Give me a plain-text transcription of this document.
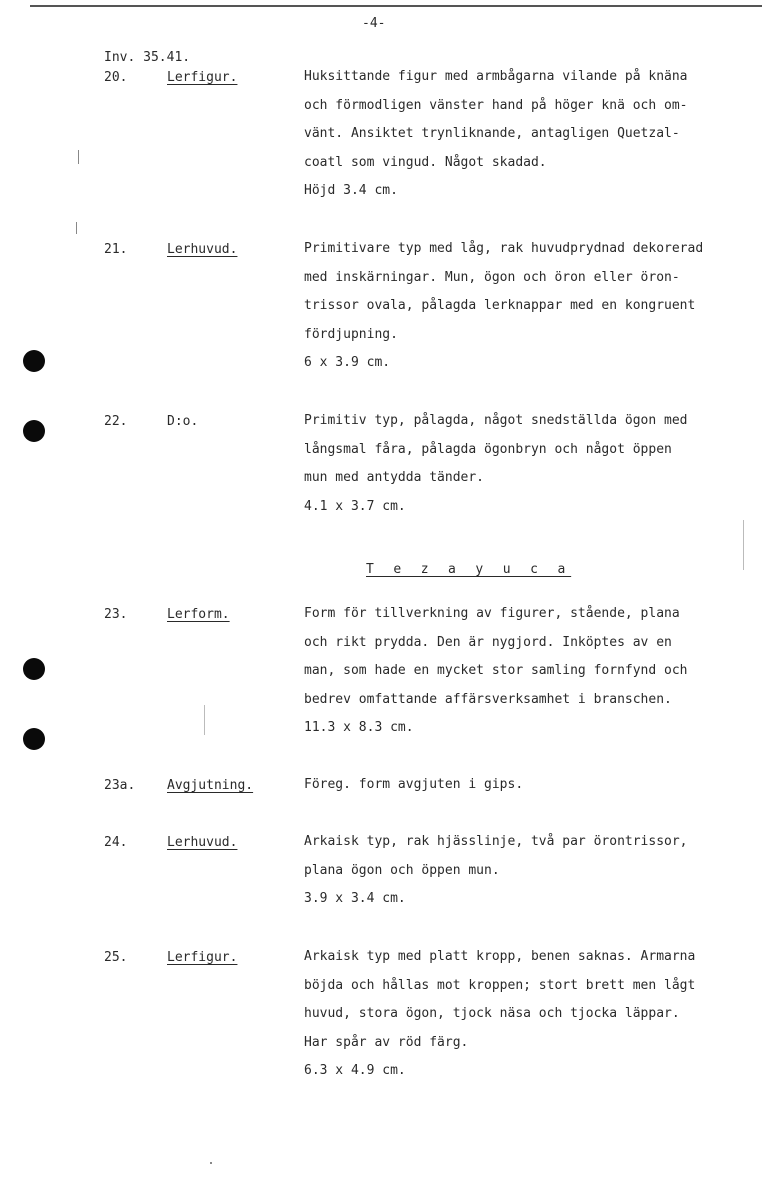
-4-
Inv. 35.41.
20.	Lerfigur.	Huksittande figur med armbågarna vilande på knäna
och förmodligen vänster hand på höger knä och om-
vänt. Ansiktet trynliknande, antagligen Quetzal-
coatl som vingud. Något skadad.
Höjd 3.4 cm.
21.	Lerhuvud.	Primitivare typ med låg, rak huvudprydnad dekorerad
med inskärningar. Mun, ögon och öron eller öron-
trissor ovala, pålagda lerknappar med en kongruent
fördjupning.
6 x 3.9 cm.
22.	D:o.	Primitiv typ, pålagda, något snedställda ögon med
långsmal fåra, pålagda ögonbryn och något öppen
mun med antydda tänder.
4.1 x 3.7 cm.
T e z a y u c a
23.	Lerform.	Form för tillverkning av figurer, stående, plana
och rikt prydda. Den är nygjord. Inköptes av en
man, som hade en mycket stor samling fornfynd och
bedrev omfattande affärsverksamhet i branschen.
11.3 x 8.3 cm.
23a. Avgjutning.	Föreg. form avgjuten i gips.
24.	Lerhuvud.	Arkaisk typ, rak hjässlinje, två par örontrissor,
plana ögon och öppen mun.
3.9 x 3.4 cm.
25.	Lerfigur.	Arkaisk typ med platt kropp, benen saknas. Armarna
böjda och hållas mot kroppen; stort brett men lågt
huvud, stora ögon, tjock näsa och tjocka läppar.
Har spår av röd färg.
6.3 x 4.9 cm.
